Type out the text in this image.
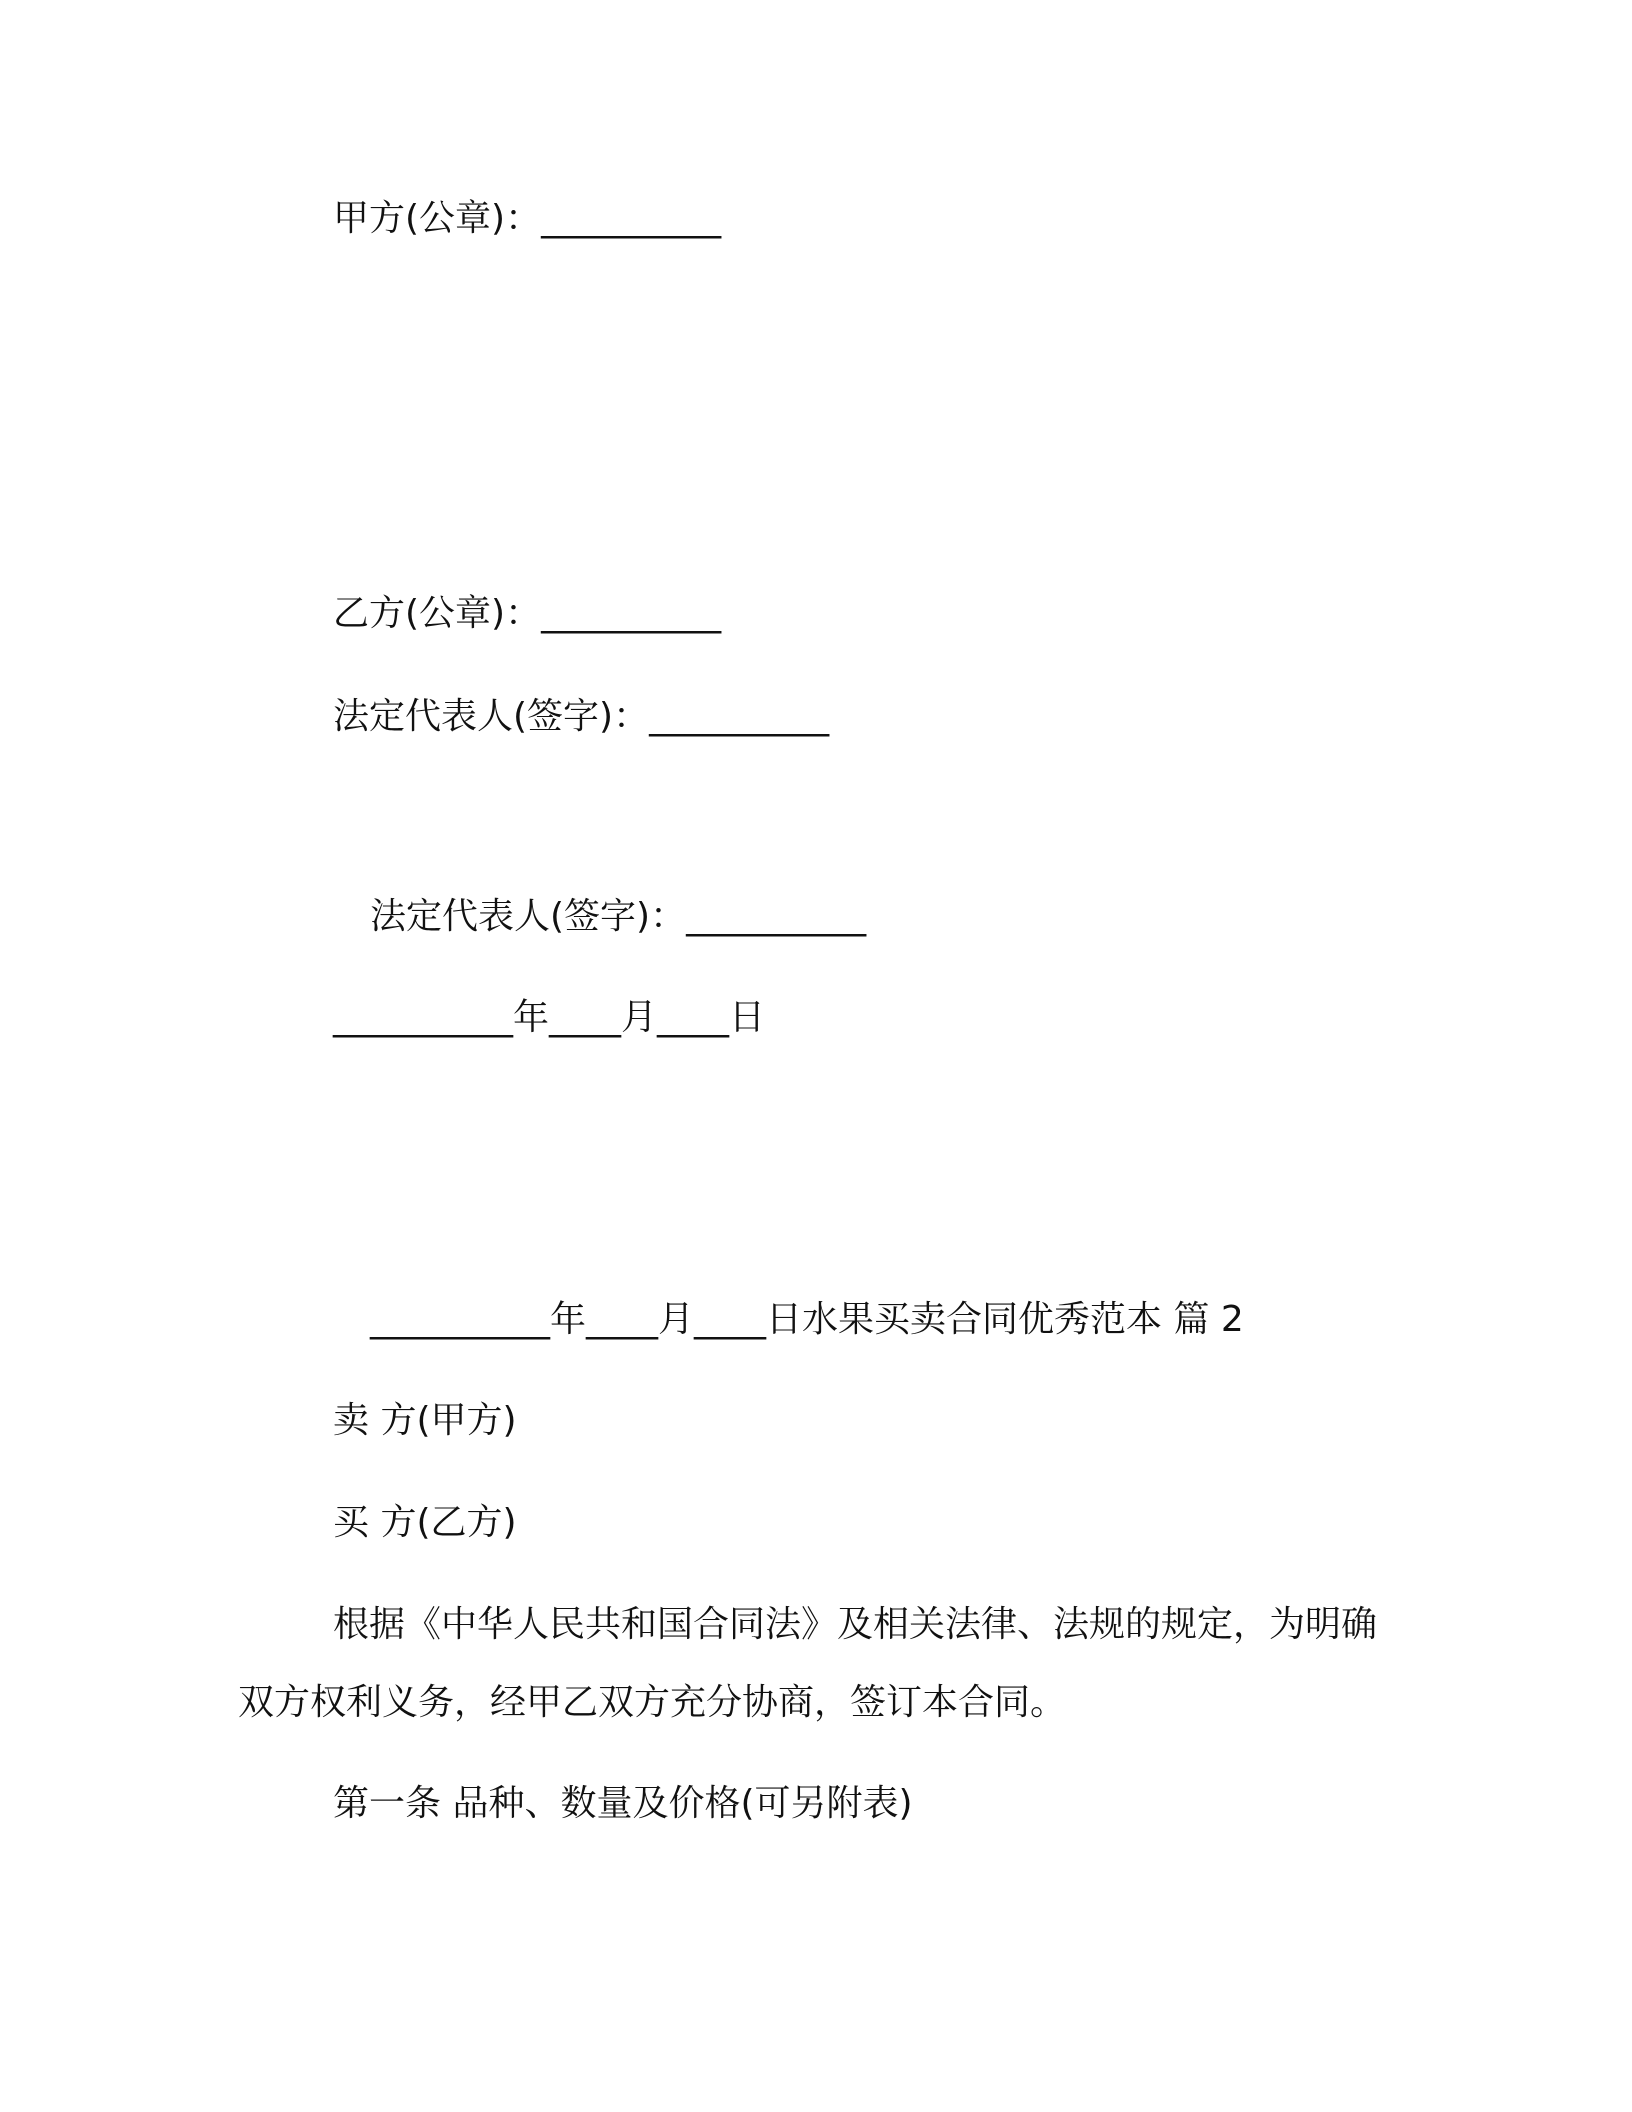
甲方(公章)：__________
乙方(公章)：__________
法定代表人(签字)：__________
法定代表人(签字)：__________
__________年____月____日
__________年____月____日水果买卖合同优秀范本 篇 2
卖 方(甲方)
买 方(乙方)
根据《中华人民共和国合同法》及相关法律、法规的规定，为明确双方权利义务，经甲乙双方充分协商，签订本合同。
第一条 品种、数量及价格(可另附表)
